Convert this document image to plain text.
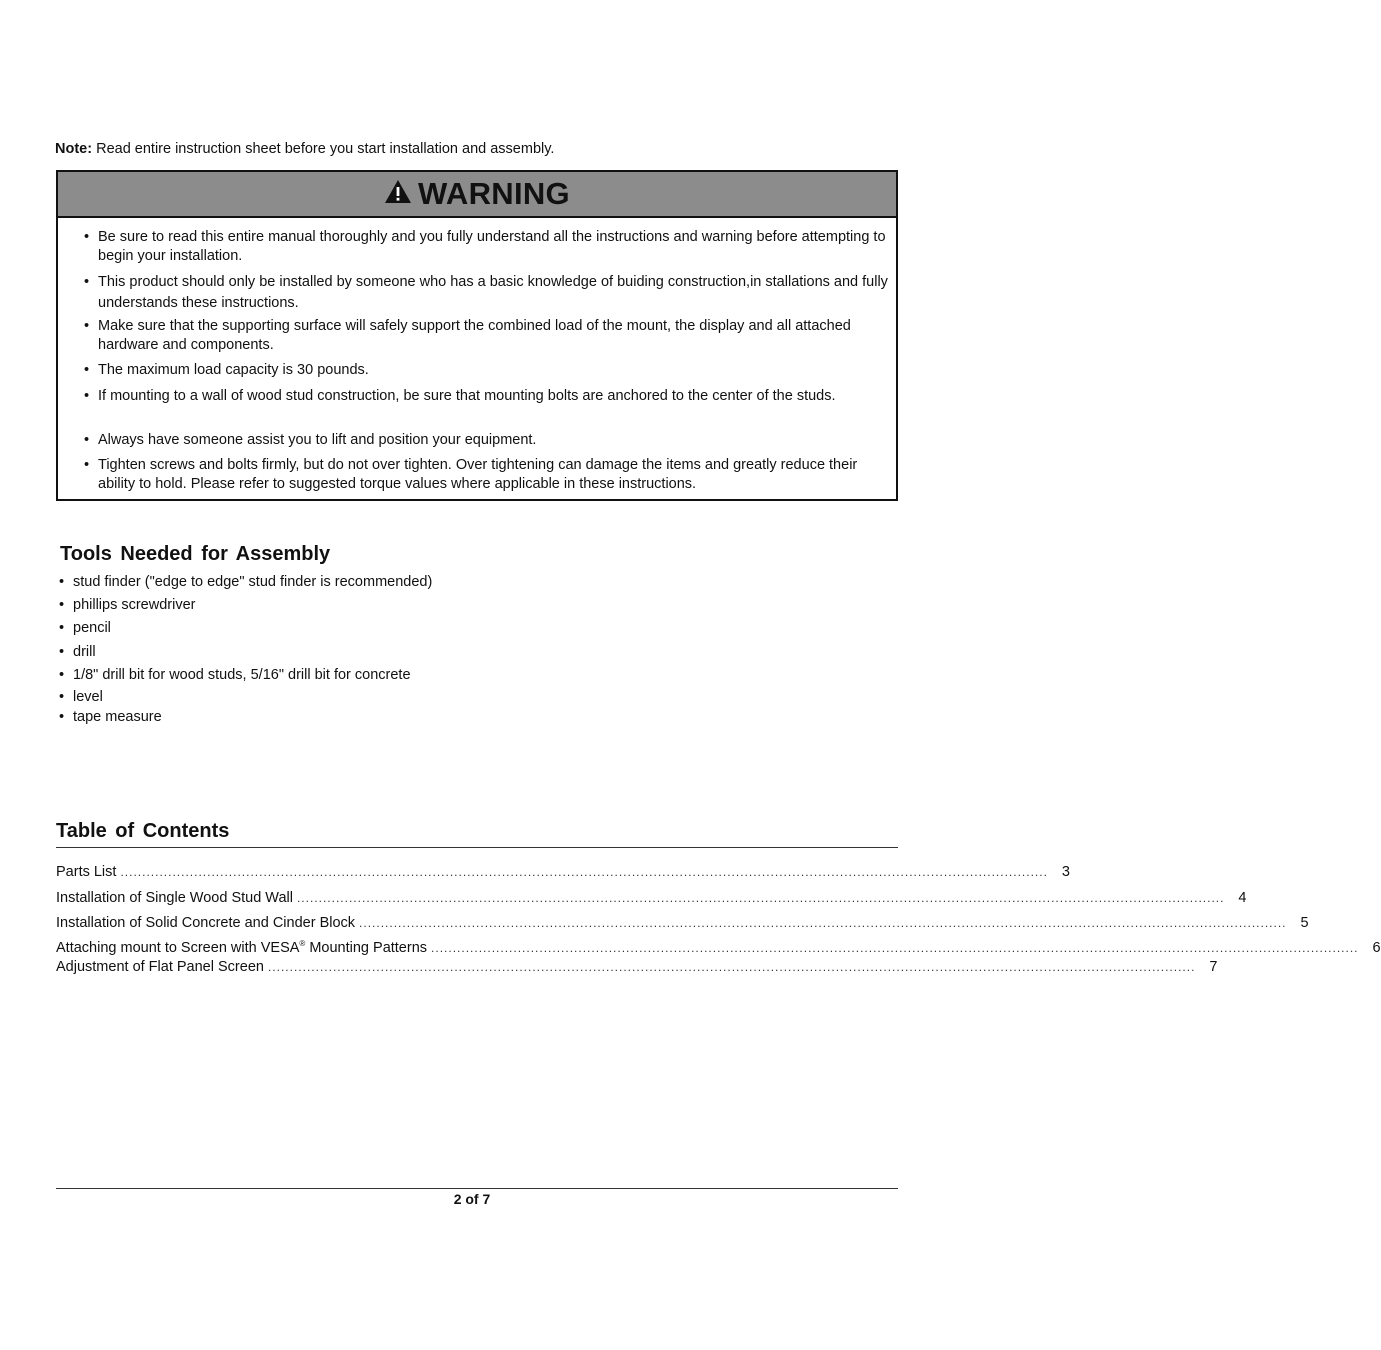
Note: Read entire instruction sheet before you start installation and assembly.
WARNING
• Be sure to read this entire manual thoroughly and you fully understand all the instructions and warning before attempting to begin your installation.
• This product should only be installed by someone who has a basic knowledge of buiding construction,in stallations and fully understands these instructions.
• Make sure that the supporting surface will safely support the combined load of the mount, the display and all attached hardware and components.
• The maximum load capacity is 30 pounds.
• If mounting to a wall of wood stud construction, be sure that mounting bolts are anchored to the center of the studs.
• Always have someone assist you to lift and position your equipment.
• Tighten screws and bolts firmly, but do not over tighten. Over tightening can damage the items and greatly reduce their ability to hold. Please refer to suggested torque values where applicable in these instructions.
Tools Needed for Assembly
• stud finder ("edge to edge" stud finder is recommended)
• phillips screwdriver
• pencil
• drill
• 1/8" drill bit for wood studs, 5/16" drill bit for concrete
• level
• tape measure
Table of Contents
Parts List ...................................................................................................................................................................................................................... 3
Installation of Single Wood Stud Wall ...................................................................................................................................................................................................................... 4
Installation of Solid Concrete and Cinder Block ...................................................................................................................................................................................................................... 5
Attaching mount to Screen with VESA® Mounting Patterns ...................................................................................................................................................................................................................... 6
Adjustment of Flat Panel Screen ...................................................................................................................................................................................................................... 7
2 of 7
